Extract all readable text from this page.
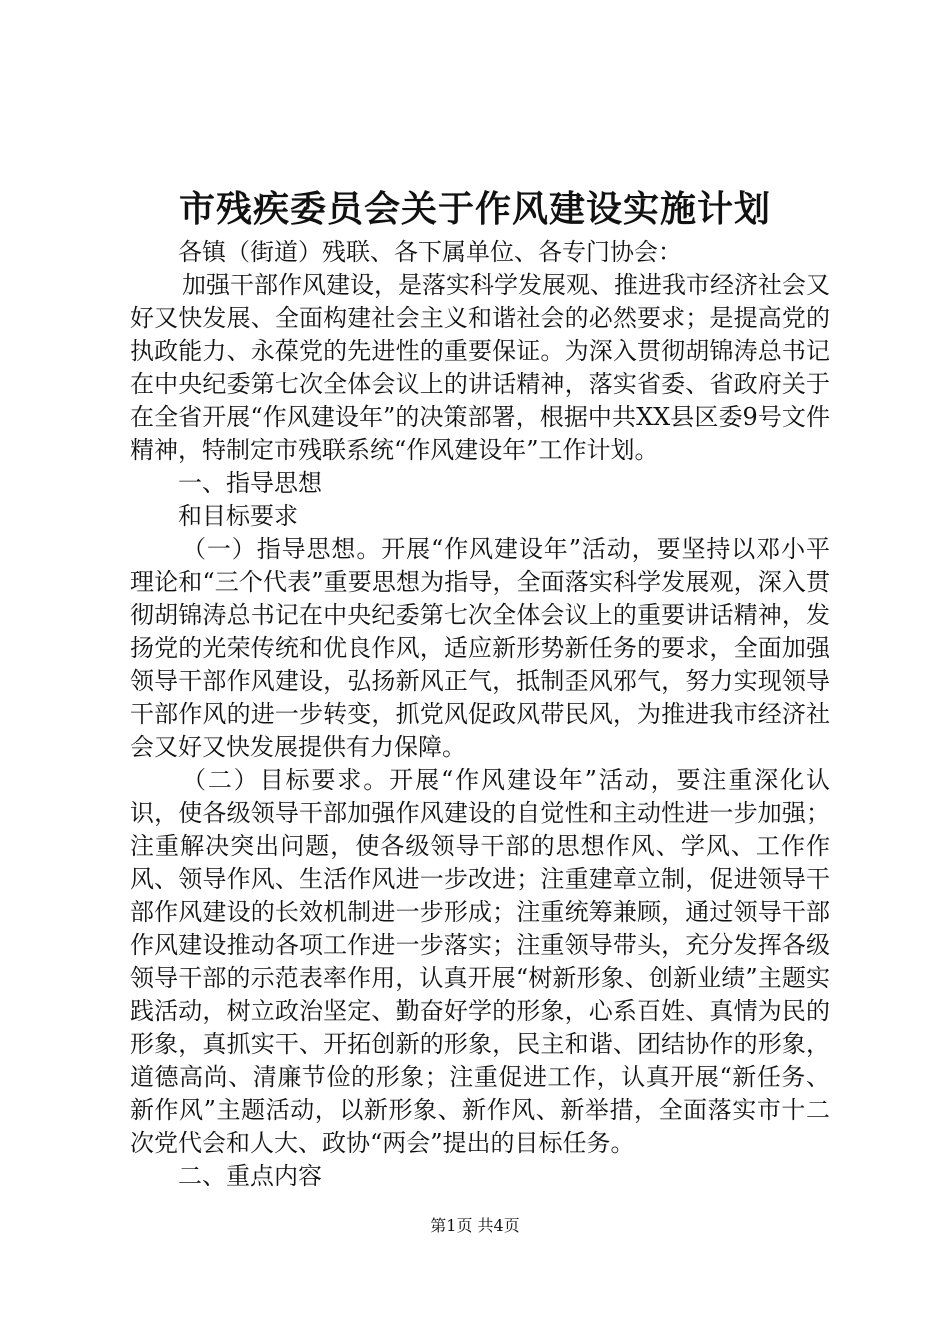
市残疾委员会关于作风建设实施计划

各镇（街道）残联、各下属单位、各专门协会：

加强干部作风建设，是落实科学发展观、推进我市经济社会又好又快发展、全面构建社会主义和谐社会的必然要求；是提高党的执政能力、永葆党的先进性的重要保证。为深入贯彻胡锦涛总书记在中央纪委第七次全体会议上的讲话精神，落实省委、省政府关于在全省开展“作风建设年”的决策部署，根据中共XX县区委9号文件精神，特制定市残联系统“作风建设年”工作计划。

一、指导思想

和目标要求

（一）指导思想。开展“作风建设年”活动，要坚持以邓小平理论和“三个代表”重要思想为指导，全面落实科学发展观，深入贯彻胡锦涛总书记在中央纪委第七次全体会议上的重要讲话精神，发扬党的光荣传统和优良作风，适应新形势新任务的要求，全面加强领导干部作风建设，弘扬新风正气，抵制歪风邪气，努力实现领导干部作风的进一步转变，抓党风促政风带民风，为推进我市经济社会又好又快发展提供有力保障。

（二）目标要求。开展“作风建设年”活动，要注重深化认识，使各级领导干部加强作风建设的自觉性和主动性进一步加强；注重解决突出问题，使各级领导干部的思想作风、学风、工作作风、领导作风、生活作风进一步改进；注重建章立制，促进领导干部作风建设的长效机制进一步形成；注重统筹兼顾，通过领导干部作风建设推动各项工作进一步落实；注重领导带头，充分发挥各级领导干部的示范表率作用，认真开展“树新形象、创新业绩”主题实践活动，树立政治坚定、勤奋好学的形象，心系百姓、真情为民的形象，真抓实干、开拓创新的形象，民主和谐、团结协作的形象，道德高尚、清廉节俭的形象；注重促进工作，认真开展“新任务、新作风”主题活动，以新形象、新作风、新举措，全面落实市十二次党代会和人大、政协“两会”提出的目标任务。

二、重点内容

第1页 共4页
